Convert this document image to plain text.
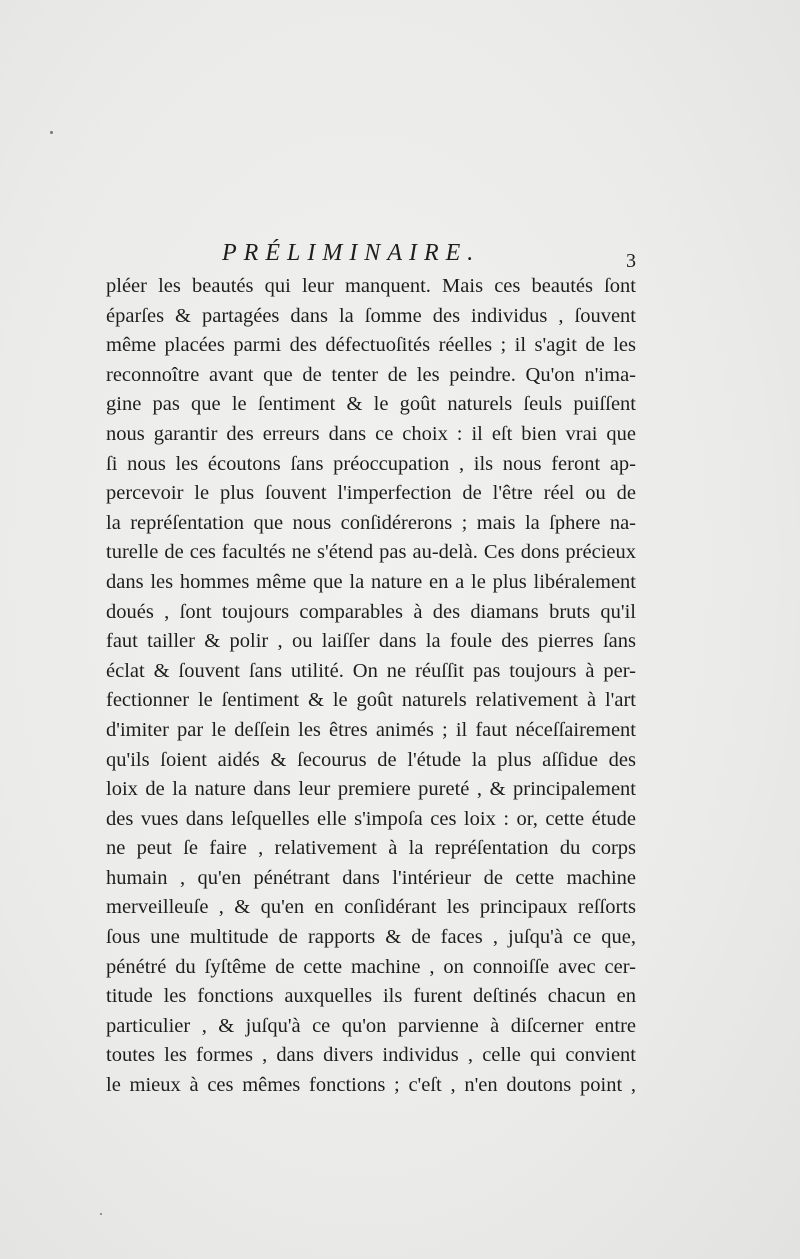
PRÉLIMINAIRE.	3
pléer les beautés qui leur manquent. Mais ces beautés ſont
éparſes & partagées dans la ſomme des individus , ſouvent
même placées parmi des défectuoſités réelles ; il s'agit de les
reconnoître avant que de tenter de les peindre. Qu'on n'ima-
gine pas que le ſentiment & le goût naturels ſeuls puiſſent
nous garantir des erreurs dans ce choix : il eſt bien vrai que
ſi nous les écoutons ſans préoccupation , ils nous feront ap-
percevoir le plus ſouvent l'imperfection de l'être réel ou de
la repréſentation que nous conſidérerons ; mais la ſphere na-
turelle de ces facultés ne s'étend pas au-delà. Ces dons précieux
dans les hommes même que la nature en a le plus libéralement
doués , ſont toujours comparables à des diamans bruts qu'il
faut tailler & polir , ou laiſſer dans la foule des pierres ſans
éclat & ſouvent ſans utilité. On ne réuſſit pas toujours à per-
fectionner le ſentiment & le goût naturels relativement à l'art
d'imiter par le deſſein les êtres animés ; il faut néceſſairement
qu'ils ſoient aidés & ſecourus de l'étude la plus aſſidue des
loix de la nature dans leur premiere pureté , & principalement
des vues dans leſquelles elle s'impoſa ces loix : or, cette étude
ne peut ſe faire , relativement à la repréſentation du corps
humain , qu'en pénétrant dans l'intérieur de cette machine
merveilleuſe , & qu'en en conſidérant les principaux reſſorts
ſous une multitude de rapports & de faces , juſqu'à ce que,
pénétré du ſyſtême de cette machine , on connoiſſe avec cer-
titude les fonctions auxquelles ils furent deſtinés chacun en
particulier , & juſqu'à ce qu'on parvienne à diſcerner entre
toutes les formes , dans divers individus , celle qui convient
le mieux à ces mêmes fonctions ; c'eſt , n'en doutons point ,
